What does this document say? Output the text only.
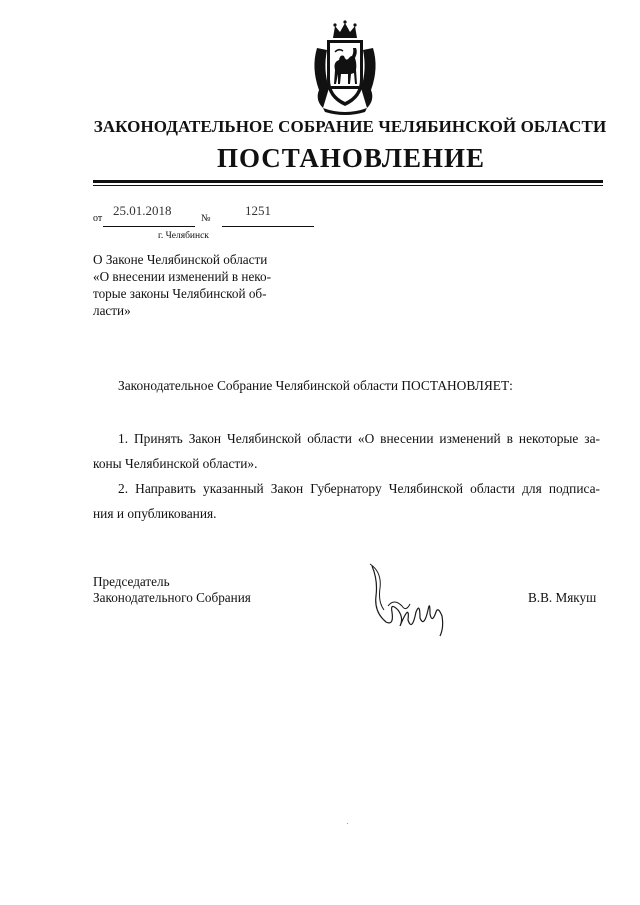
ЗАКОНОДАТЕЛЬНОЕ СОБРАНИЕ ЧЕЛЯБИНСКОЙ ОБЛАСТИ
ПОСТАНОВЛЕНИЕ
от
25.01.2018
№
1251
г. Челябинск
О Законе Челябинской области
«О внесении изменений в неко-
торые законы Челябинской об-
ласти»
Законодательное Собрание Челябинской области ПОСТАНОВЛЯЕТ:
1. Принять Закон Челябинской области «О внесении изменений в некоторые за-
коны Челябинской области».
2. Направить указанный Закон Губернатору Челябинской области для подписа-
ния и опубликования.
Председатель
Законодательного Собрания	В.В. Мякуш
